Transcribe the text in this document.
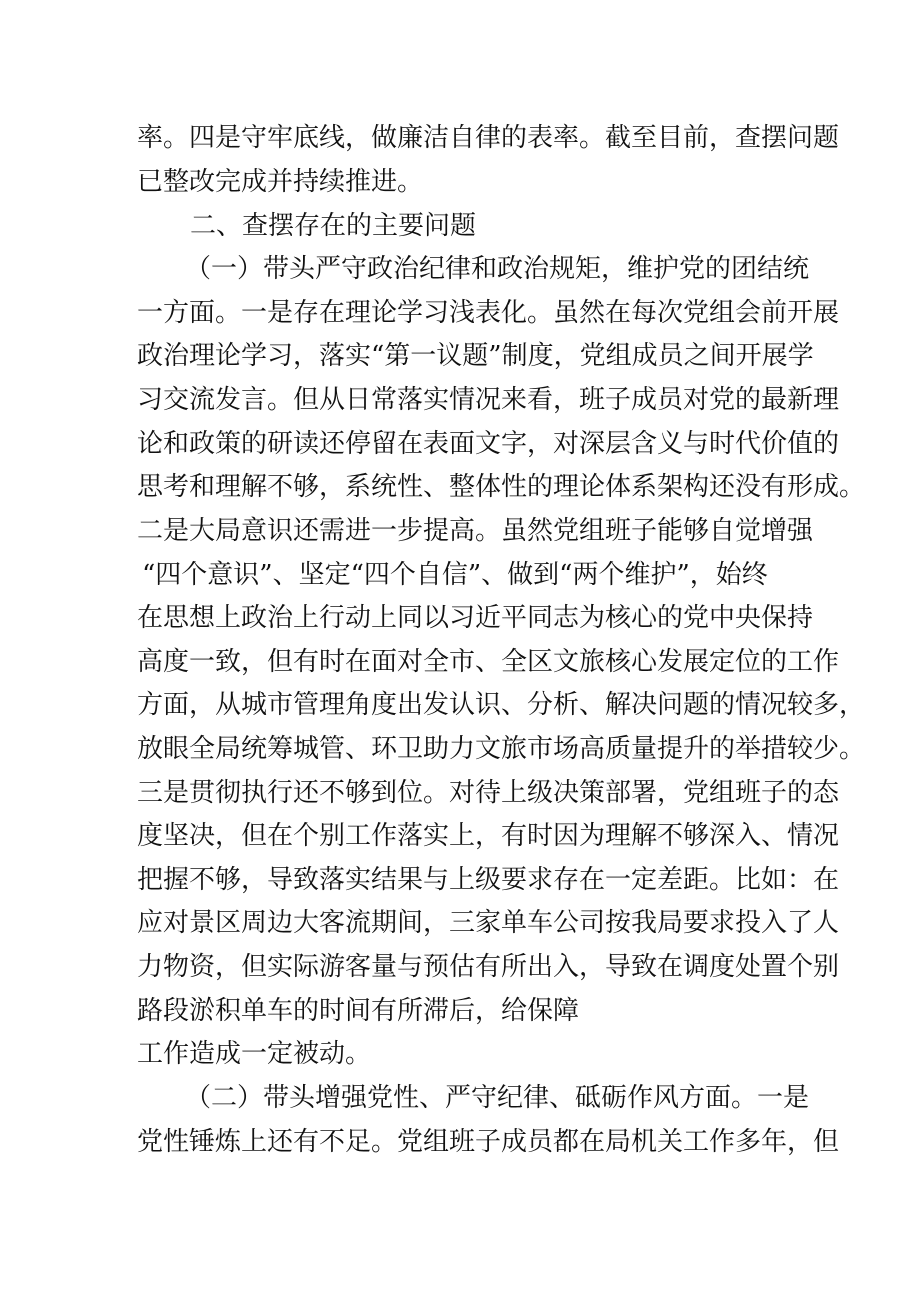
率。四是守牢底线，做廉洁自律的表率。截至目前，查摆问题

已整改完成并持续推进。

二、查摆存在的主要问题

（一）带头严守政治纪律和政治规矩，维护党的团结统

一方面。一是存在理论学习浅表化。虽然在每次党组会前开展

政治理论学习，落实“第一议题”制度，党组成员之间开展学

习交流发言。但从日常落实情况来看，班子成员对党的最新理

论和政策的研读还停留在表面文字，对深层含义与时代价值的

思考和理解不够，系统性、整体性的理论体系架构还没有形成。

二是大局意识还需进一步提高。虽然党组班子能够自觉增强

“四个意识”、坚定“四个自信”、做到“两个维护”，始终

在思想上政治上行动上同以习近平同志为核心的党中央保持

高度一致，但有时在面对全市、全区文旅核心发展定位的工作

方面，从城市管理角度出发认识、分析、解决问题的情况较多，

放眼全局统筹城管、环卫助力文旅市场高质量提升的举措较少。

三是贯彻执行还不够到位。对待上级决策部署，党组班子的态

度坚决，但在个别工作落实上，有时因为理解不够深入、情况

把握不够，导致落实结果与上级要求存在一定差距。比如：在

应对景区周边大客流期间，三家单车公司按我局要求投入了人

力物资，但实际游客量与预估有所出入，导致在调度处置个别

路段淤积单车的时间有所滞后，给保障

工作造成一定被动。

（二）带头增强党性、严守纪律、砥砺作风方面。一是

党性锤炼上还有不足。党组班子成员都在局机关工作多年，但
